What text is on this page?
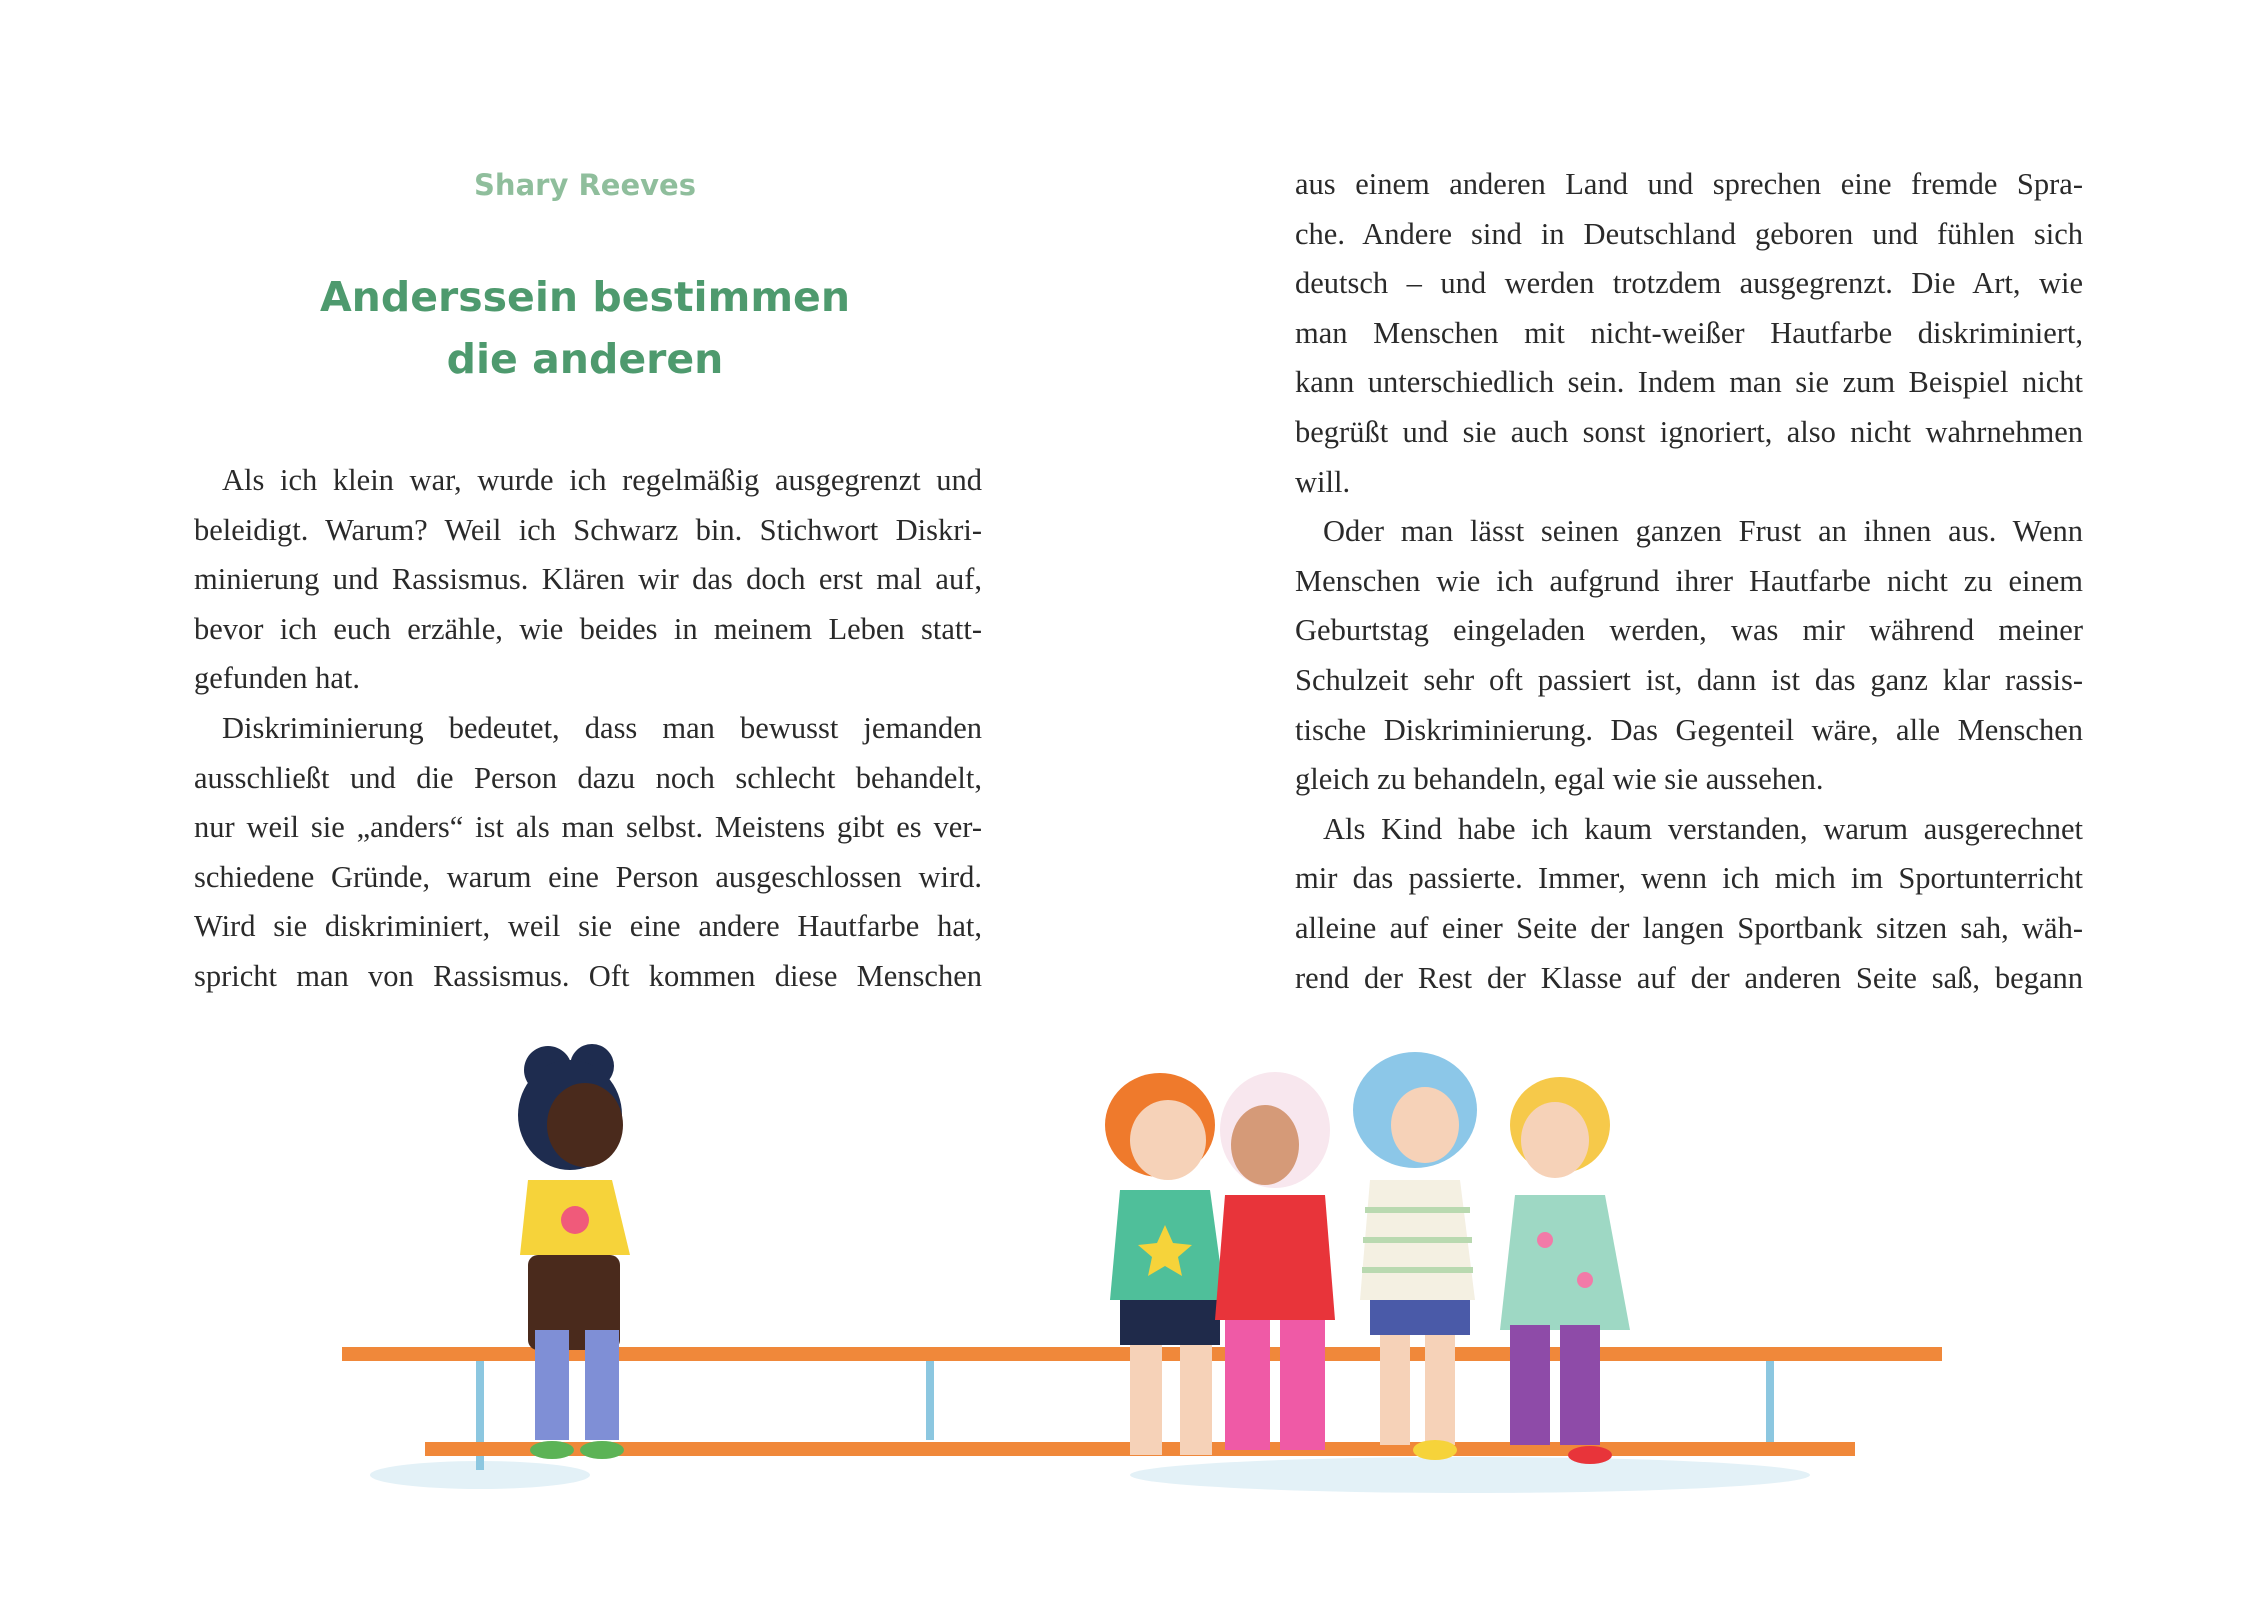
Shary Reeves
Anderssein bestimmen
die anderen

Als ich klein war, wurde ich regelmäßig ausgegrenzt und

beleidigt. Warum? Weil ich Schwarz bin. Stichwort Diskri-

minierung und Rassismus. Klären wir das doch erst mal auf,

bevor ich euch erzähle, wie beides in meinem Leben statt-

gefunden hat.

Diskriminierung bedeutet, dass man bewusst jemanden

ausschließt und die Person dazu noch schlecht behandelt,

nur weil sie „anders“ ist als man selbst. Meistens gibt es ver-

schiedene Gründe, warum eine Person ausgeschlossen wird.

Wird sie diskriminiert, weil sie eine andere Hautfarbe hat,

spricht man von Rassismus. Oft kommen diese Menschen

aus einem anderen Land und sprechen eine fremde Spra-

che. Andere sind in Deutschland geboren und fühlen sich

deutsch – und werden trotzdem ausgegrenzt. Die Art, wie

man Menschen mit nicht-weißer Hautfarbe diskriminiert,

kann unterschiedlich sein. Indem man sie zum Beispiel nicht

begrüßt und sie auch sonst ignoriert, also nicht wahrnehmen

will.

Oder man lässt seinen ganzen Frust an ihnen aus. Wenn

Menschen wie ich aufgrund ihrer Hautfarbe nicht zu einem

Geburtstag eingeladen werden, was mir während meiner

Schulzeit sehr oft passiert ist, dann ist das ganz klar rassis-

tische Diskriminierung. Das Gegenteil wäre, alle Menschen

gleich zu behandeln, egal wie sie aussehen.

Als Kind habe ich kaum verstanden, warum ausgerechnet

mir das passierte. Immer, wenn ich mich im Sportunterricht

alleine auf einer Seite der langen Sportbank sitzen sah, wäh-

rend der Rest der Klasse auf der anderen Seite saß, begann
